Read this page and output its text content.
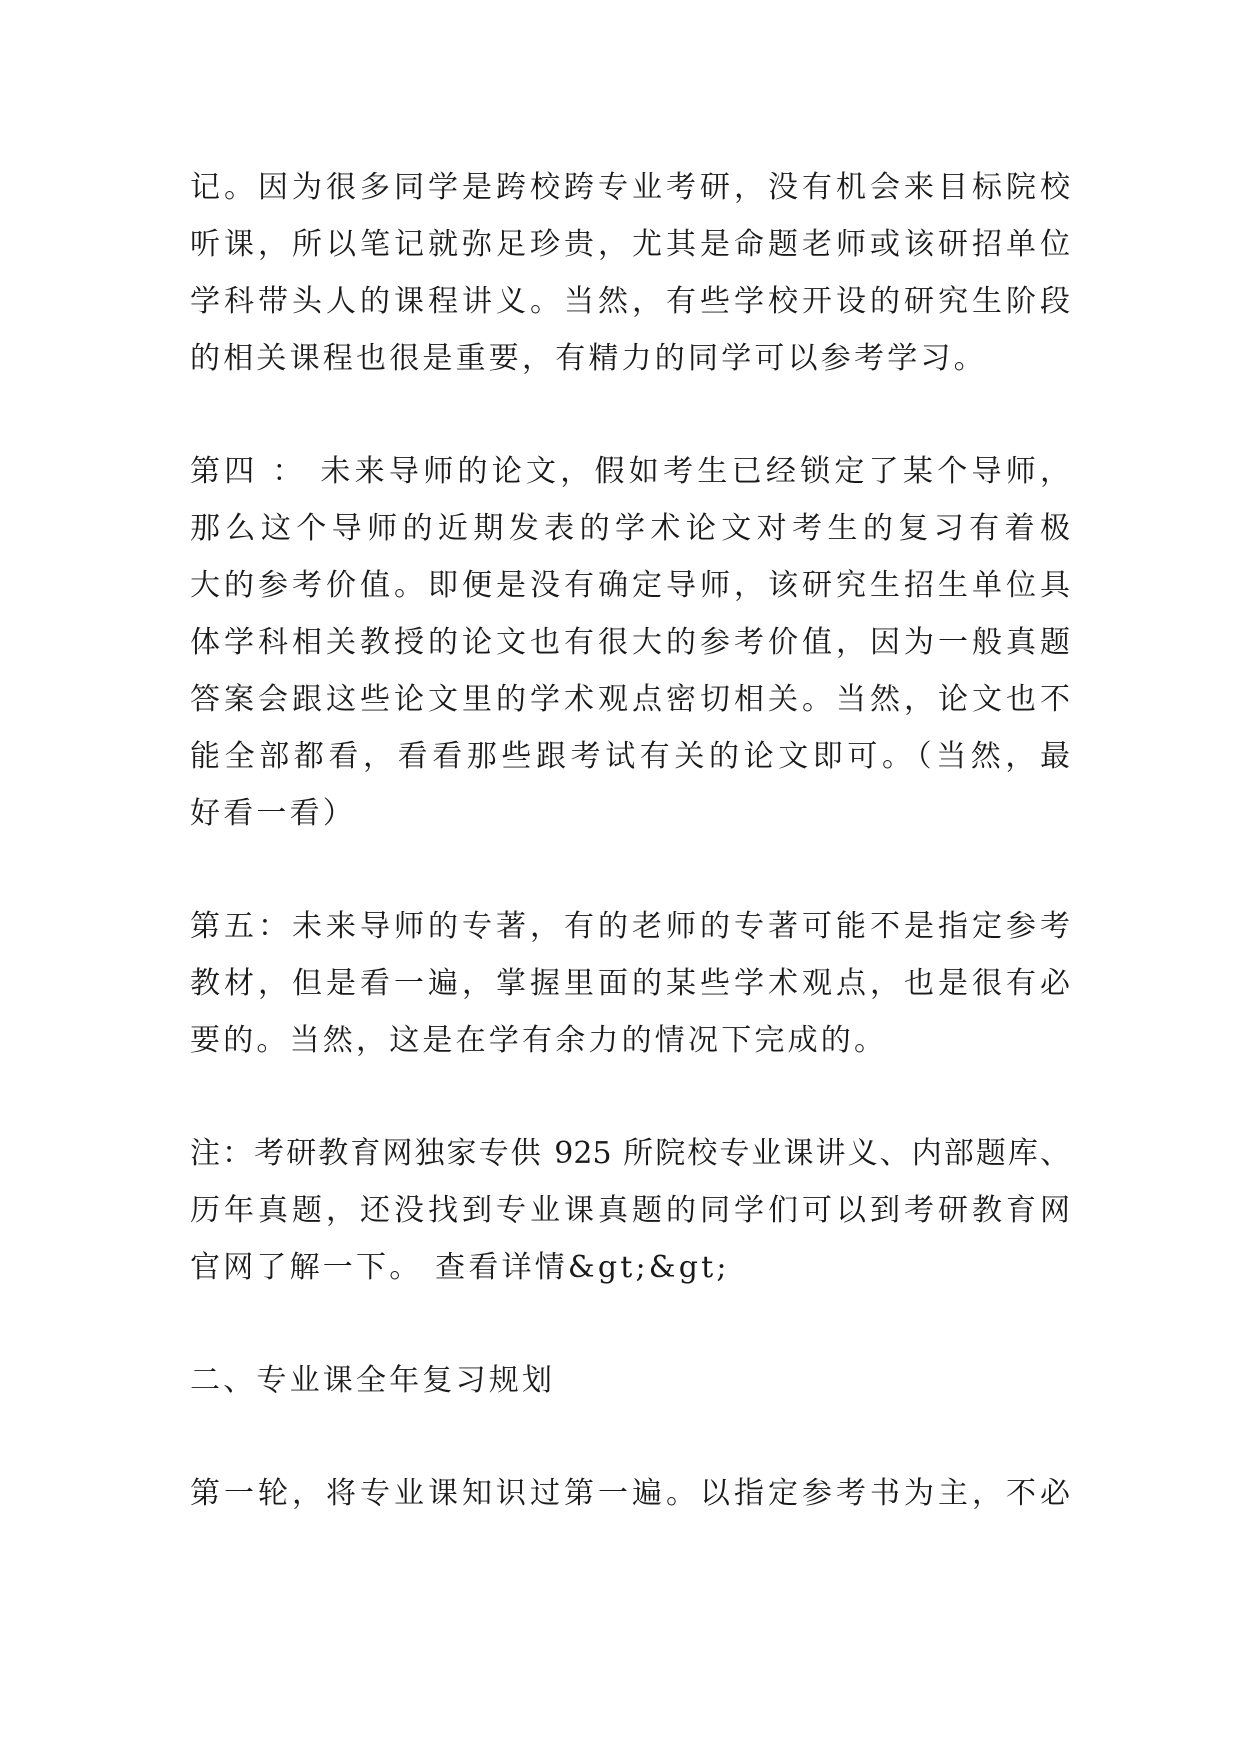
记。因为很多同学是跨校跨专业考研，没有机会来目标院校
听课，所以笔记就弥足珍贵，尤其是命题老师或该研招单位
学科带头人的课程讲义。当然，有些学校开设的研究生阶段
的相关课程也很是重要，有精力的同学可以参考学习。
第四 ： 未来导师的论文，假如考生已经锁定了某个导师，
那么这个导师的近期发表的学术论文对考生的复习有着极
大的参考价值。即便是没有确定导师，该研究生招生单位具
体学科相关教授的论文也有很大的参考价值，因为一般真题
答案会跟这些论文里的学术观点密切相关。当然，论文也不
能全部都看，看看那些跟考试有关的论文即可。（当然，最
好看一看）
第五：未来导师的专著，有的老师的专著可能不是指定参考
教材，但是看一遍，掌握里面的某些学术观点，也是很有必
要的。当然，这是在学有余力的情况下完成的。
注：考研教育网独家专供 925 所院校专业课讲义、内部题库、
历年真题，还没找到专业课真题的同学们可以到考研教育网
官网了解一下。 查看详情&gt;&gt;
二、专业课全年复习规划
第一轮，将专业课知识过第一遍。以指定参考书为主，不必
